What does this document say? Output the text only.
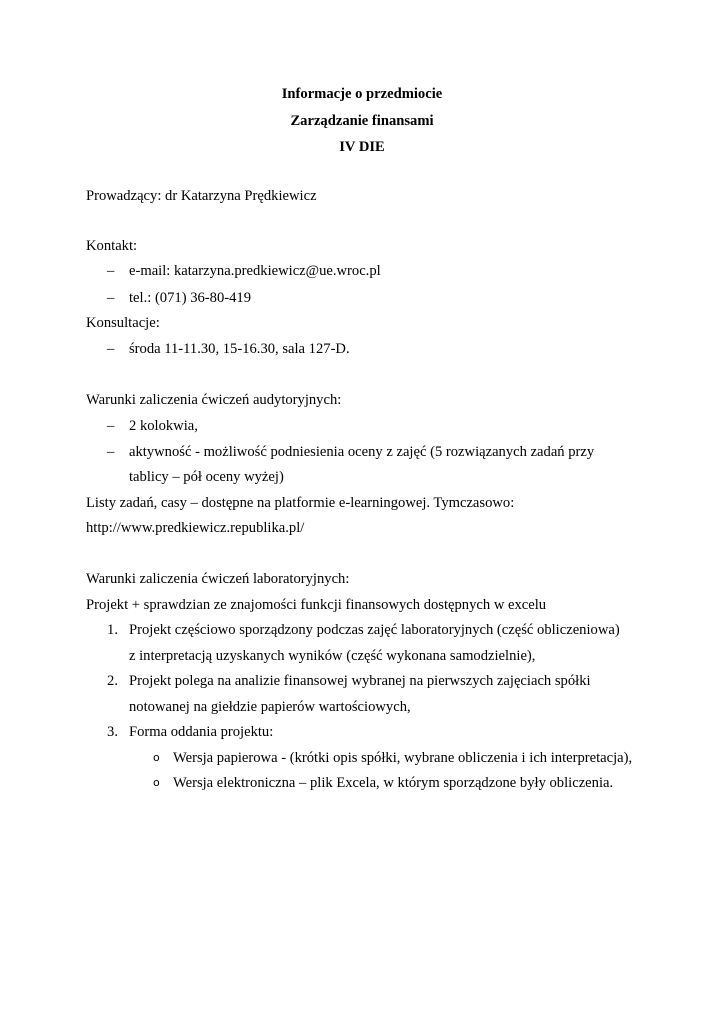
Informacje o przedmiocie
Zarządzanie finansami
IV DIE
Prowadzący: dr Katarzyna Prędkiewicz
Kontakt:
– e-mail: katarzyna.predkiewicz@ue.wroc.pl
– tel.: (071) 36-80-419
Konsultacje:
– środa 11-11.30, 15-16.30, sala 127-D.
Warunki zaliczenia ćwiczeń audytoryjnych:
– 2 kolokwia,
– aktywność - możliwość podniesienia oceny z zajęć (5 rozwiązanych zadań przy
tablicy – pół oceny wyżej)
Listy zadań, casy – dostępne na platformie e-learningowej. Tymczasowo:
http://www.predkiewicz.republika.pl/
Warunki zaliczenia ćwiczeń laboratoryjnych:
Projekt + sprawdzian ze znajomości funkcji finansowych dostępnych w excelu
1. Projekt częściowo sporządzony podczas zajęć laboratoryjnych (część obliczeniowa)
z interpretacją uzyskanych wyników (część wykonana samodzielnie),
2. Projekt polega na analizie finansowej wybranej na pierwszych zajęciach spółki
notowanej na giełdzie papierów wartościowych,
3. Forma oddania projektu:
o Wersja papierowa - (krótki opis spółki, wybrane obliczenia i ich interpretacja),
o Wersja elektroniczna – plik Excela, w którym sporządzone były obliczenia.
